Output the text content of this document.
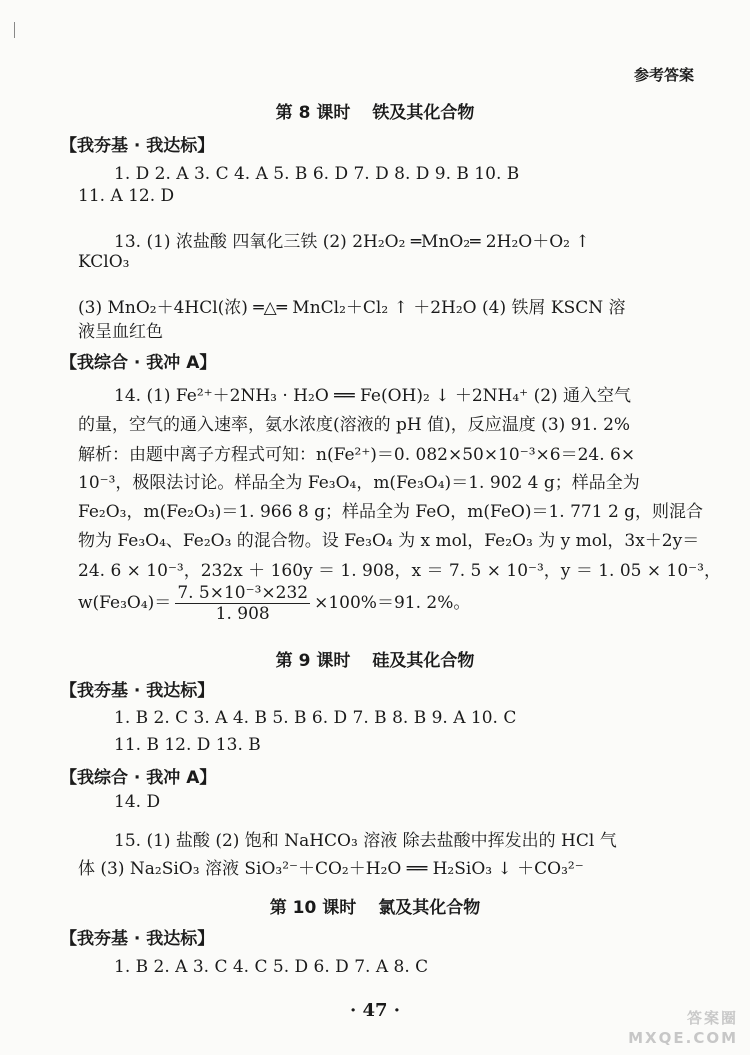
参考答案
第 8 课时 铁及其化合物
【我夯基 · 我达标】
1. D 2. A 3. C 4. A 5. B 6. D 7. D 8. D 9. B 10. B
11. A 12. D
13. (1) 浓盐酸 四氧化三铁 (2) 2H₂O₂ ═MnO₂═ 2H₂O＋O₂ ↑
KClO₃
(3) MnO₂＋4HCl(浓) ═△═ MnCl₂＋Cl₂ ↑ ＋2H₂O (4) 铁屑 KSCN 溶
液呈血红色
【我综合 · 我冲 A】
14. (1) Fe²⁺＋2NH₃ · H₂O ══ Fe(OH)₂ ↓ ＋2NH₄⁺ (2) 通入空气
的量，空气的通入速率，氨水浓度(溶液的 pH 值)，反应温度 (3) 91. 2%
解析：由题中离子方程式可知：n(Fe²⁺)＝0. 082×50×10⁻³×6＝24. 6×
10⁻³，极限法讨论。样品全为 Fe₃O₄，m(Fe₃O₄)＝1. 902 4 g；样品全为
Fe₂O₃，m(Fe₂O₃)＝1. 966 8 g；样品全为 FeO，m(FeO)＝1. 771 2 g，则混合
物为 Fe₃O₄、Fe₂O₃ 的混合物。设 Fe₃O₄ 为 x mol，Fe₂O₃ 为 y mol，3x＋2y＝
24. 6 × 10⁻³，232x ＋ 160y ＝ 1. 908，x ＝ 7. 5 × 10⁻³，y ＝ 1. 05 × 10⁻³，
$w(Fe_3O_4)= \frac{\text{7. 5×10⁻³×232}}{1. 908} \times 100\%=91$. 2%。
第 9 课时 硅及其化合物
【我夯基 · 我达标】
1. B 2. C 3. A 4. B 5. B 6. D 7. B 8. B 9. A 10. C
11. B 12. D 13. B
【我综合 · 我冲 A】
14. D
15. (1) 盐酸 (2) 饱和 NaHCO₃ 溶液 除去盐酸中挥发出的 HCl 气
体 (3) Na₂SiO₃ 溶液 SiO₃²⁻＋CO₂＋H₂O ══ H₂SiO₃ ↓ ＋CO₃²⁻
第 10 课时 氯及其化合物
【我夯基 · 我达标】
1. B 2. A 3. C 4. C 5. D 6. D 7. A 8. C
· 47 ·	答案圈
MXQE.COM
